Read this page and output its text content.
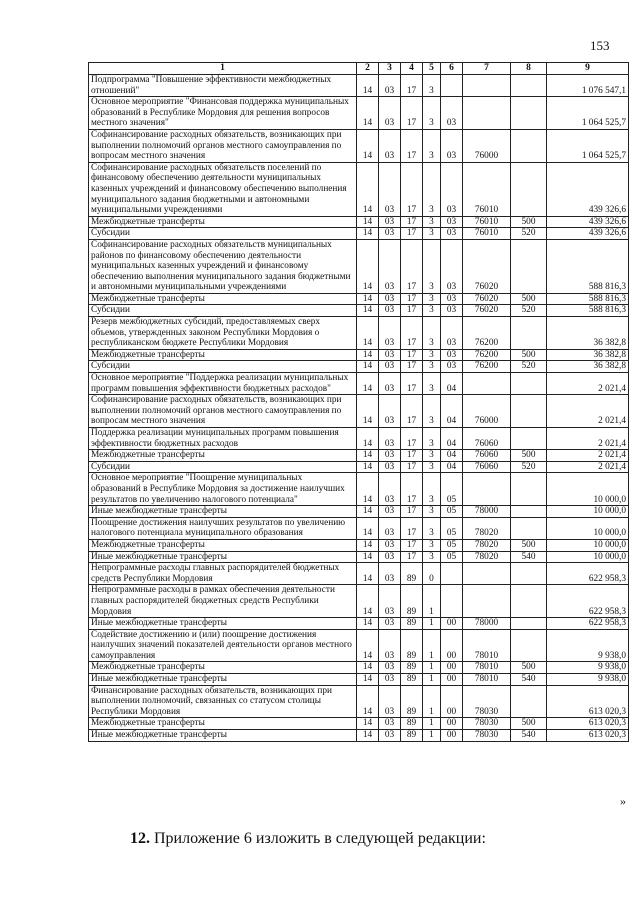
153
1	2	3	4	5	6	7	8	9
Подпрограмма "Повышение эффективности межбюджетных отношений"	14	03	17	3				1 076 547,1
Основное мероприятие "Финансовая поддержка муниципальных образований в Республике Мордовия для решения вопросов местного значения"	14	03	17	3	03			1 064 525,7
Софинансирование расходных обязательств, возникающих при выполнении полномочий органов местного самоуправления по вопросам местного значения	14	03	17	3	03	76000		1 064 525,7
Софинансирование расходных обязательств поселений по финансовому обеспечению деятельности муниципальных казенных учреждений и финансовому обеспечению выполнения муниципального задания бюджетными и автономными муниципальными учреждениями	14	03	17	3	03	76010		439 326,6
Межбюджетные трансферты	14	03	17	3	03	76010	500	439 326,6
Субсидии	14	03	17	3	03	76010	520	439 326,6
Софинансирование расходных обязательств муниципальных районов по финансовому обеспечению деятельности муниципальных казенных учреждений и финансовому обеспечению выполнения муниципального задания бюджетными и автономными муниципальными учреждениями	14	03	17	3	03	76020		588 816,3
Межбюджетные трансферты	14	03	17	3	03	76020	500	588 816,3
Субсидии	14	03	17	3	03	76020	520	588 816,3
Резерв межбюджетных субсидий, предоставляемых сверх объемов, утвержденных законом Республики Мордовия о республиканском бюджете Республики Мордовия	14	03	17	3	03	76200		36 382,8
Межбюджетные трансферты	14	03	17	3	03	76200	500	36 382,8
Субсидии	14	03	17	3	03	76200	520	36 382,8
Основное мероприятие "Поддержка реализации муниципальных программ повышения эффективности бюджетных расходов"	14	03	17	3	04			2 021,4
Софинансирование расходных обязательств, возникающих при выполнении полномочий органов местного самоуправления по вопросам местного значения	14	03	17	3	04	76000		2 021,4
Поддержка реализации муниципальных программ повышения эффективности бюджетных расходов	14	03	17	3	04	76060		2 021,4
Межбюджетные трансферты	14	03	17	3	04	76060	500	2 021,4
Субсидии	14	03	17	3	04	76060	520	2 021,4
Основное мероприятие "Поощрение муниципальных образований в Республике Мордовия за достижение наилучших результатов по увеличению налогового потенциала"	14	03	17	3	05			10 000,0
Иные межбюджетные трансферты	14	03	17	3	05	78000		10 000,0
Поощрение достижения наилучших результатов по увеличению налогового потенциала муниципального образования	14	03	17	3	05	78020		10 000,0
Межбюджетные трансферты	14	03	17	3	05	78020	500	10 000,0
Иные межбюджетные трансферты	14	03	17	3	05	78020	540	10 000,0
Непрограммные расходы главных распорядителей бюджетных средств Республики Мордовия	14	03	89	0				622 958,3
Непрограммные расходы в рамках обеспечения деятельности главных распорядителей бюджетных средств Республики Мордовия	14	03	89	1				622 958,3
Иные межбюджетные трансферты	14	03	89	1	00	78000		622 958,3
Содействие достижению и (или) поощрение достижения наилучших значений показателей деятельности органов местного самоуправления	14	03	89	1	00	78010		9 938,0
Межбюджетные трансферты	14	03	89	1	00	78010	500	9 938,0
Иные межбюджетные трансферты	14	03	89	1	00	78010	540	9 938,0
Финансирование расходных обязательств, возникающих при выполнении полномочий, связанных со статусом столицы Республики Мордовия	14	03	89	1	00	78030		613 020,3
Межбюджетные трансферты	14	03	89	1	00	78030	500	613 020,3
Иные межбюджетные трансферты	14	03	89	1	00	78030	540	613 020,3
»
12. Приложение 6 изложить в следующей редакции:
